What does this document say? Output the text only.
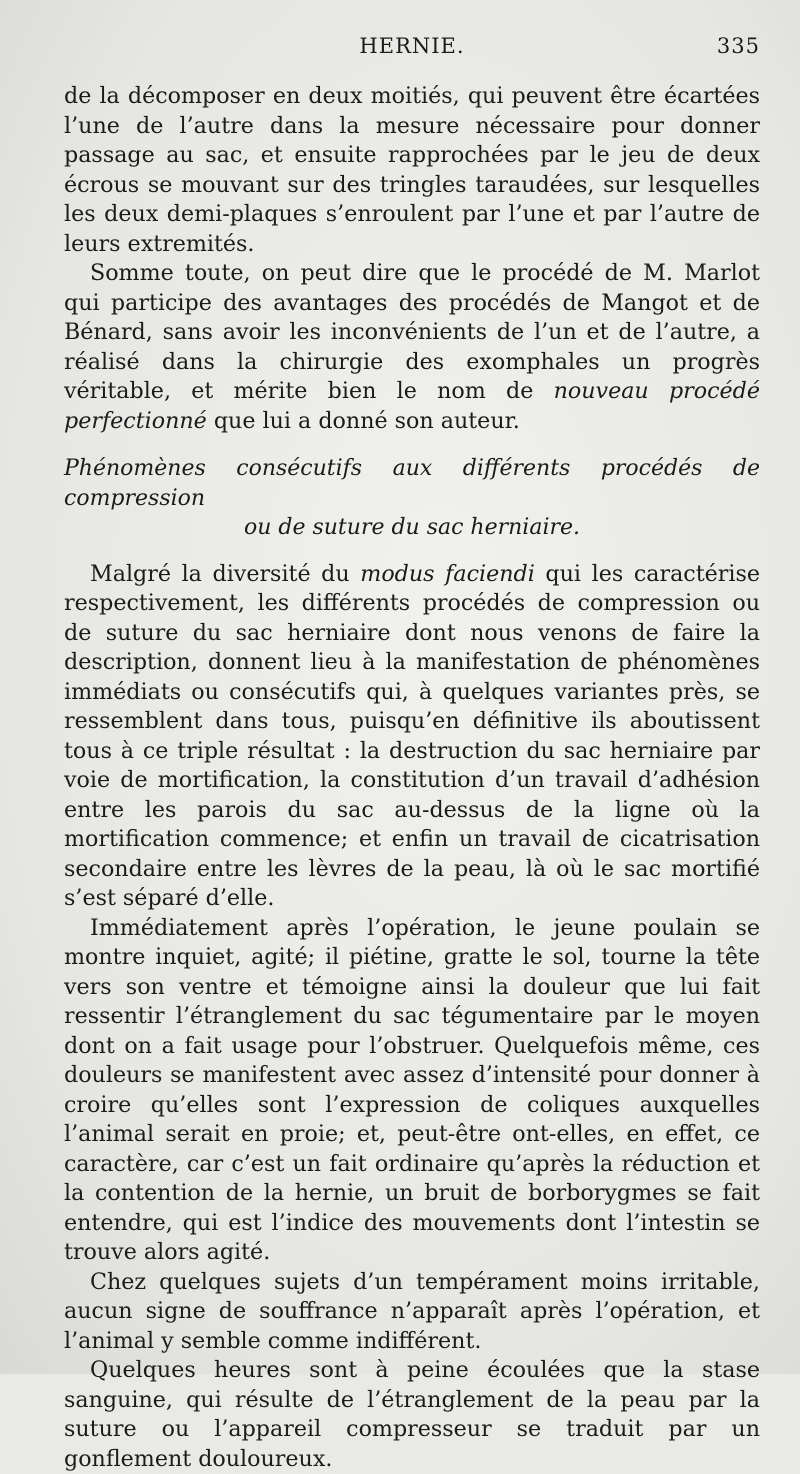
HERNIE.	335

de la décomposer en deux moitiés, qui peuvent être écartées l’une de l’autre dans la mesure nécessaire pour donner passage au sac, et ensuite rapprochées par le jeu de deux écrous se mouvant sur des tringles taraudées, sur lesquelles les deux demi-plaques s’enroulent par l’une et par l’autre de leurs extremités.

Somme toute, on peut dire que le procédé de M. Marlot qui participe des avantages des procédés de Mangot et de Bénard, sans avoir les inconvénients de l’un et de l’autre, a réalisé dans la chirurgie des exomphales un progrès véritable, et mérite bien le nom de nouveau procédé perfectionné que lui a donné son auteur.

Phénomènes consécutifs aux différents procédés de compression
ou de suture du sac herniaire.

Malgré la diversité du modus faciendi qui les caractérise respectivement, les différents procédés de compression ou de suture du sac herniaire dont nous venons de faire la description, donnent lieu à la manifestation de phénomènes immédiats ou consécutifs qui, à quelques variantes près, se ressemblent dans tous, puisqu’en définitive ils aboutissent tous à ce triple résultat : la destruction du sac herniaire par voie de mortification, la constitution d’un travail d’adhésion entre les parois du sac au-dessus de la ligne où la mortification commence; et enfin un travail de cicatrisation secondaire entre les lèvres de la peau, là où le sac mortifié s’est séparé d’elle.

Immédiatement après l’opération, le jeune poulain se montre inquiet, agité; il piétine, gratte le sol, tourne la tête vers son ventre et témoigne ainsi la douleur que lui fait ressentir l’étranglement du sac tégumentaire par le moyen dont on a fait usage pour l’obstruer. Quelquefois même, ces douleurs se manifestent avec assez d’intensité pour donner à croire qu’elles sont l’expression de coliques auxquelles l’animal serait en proie; et, peut-être ont-elles, en effet, ce caractère, car c’est un fait ordinaire qu’après la réduction et la contention de la hernie, un bruit de borborygmes se fait entendre, qui est l’indice des mouvements dont l’intestin se trouve alors agité.

Chez quelques sujets d’un tempérament moins irritable, aucun signe de souffrance n’apparaît après l’opération, et l’animal y semble comme indifférent.

Quelques heures sont à peine écoulées que la stase sanguine, qui résulte de l’étranglement de la peau par la suture ou l’appareil compresseur se traduit par un gonflement douloureux.
